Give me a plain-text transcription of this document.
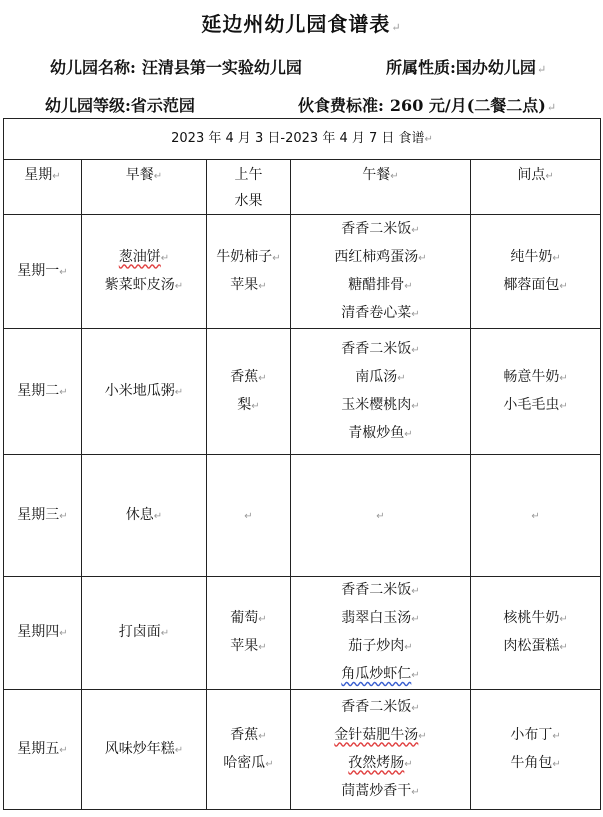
延边州幼儿园食谱表↵
幼儿园名称: 汪清县第一实验幼儿园	所属性质:国办幼儿园↵
幼儿园等级:省示范园	伙食费标准: 260 元/月(二餐二点)↵
2023 年 4 月 3 日-2023 年 4 月 7 日 食谱↵				
星期↵	早餐↵	上午
水果	午餐↵	间点↵

星期一↵	葱油饼↵
紫菜虾皮汤↵	牛奶柿子↵
苹果↵	香香二米饭↵
西红柿鸡蛋汤↵
糖醋排骨↵
清香卷心菜↵	纯牛奶↵
椰蓉面包↵

星期二↵	小米地瓜粥↵	香蕉↵
梨↵	香香二米饭↵
南瓜汤↵
玉米樱桃肉↵
青椒炒鱼↵	畅意牛奶↵
小毛毛虫↵

星期三↵	休息↵	↵	↵	↵

星期四↵	打卤面↵	葡萄↵
苹果↵	香香二米饭↵
翡翠白玉汤↵
茄子炒肉↵
角瓜炒虾仁↵	核桃牛奶↵
肉松蛋糕↵

星期五↵	风味炒年糕↵	香蕉↵
哈密瓜↵	香香二米饭↵
金针菇肥牛汤↵
孜然烤肠↵
茼蒿炒香干↵	小布丁↵
牛角包↵
